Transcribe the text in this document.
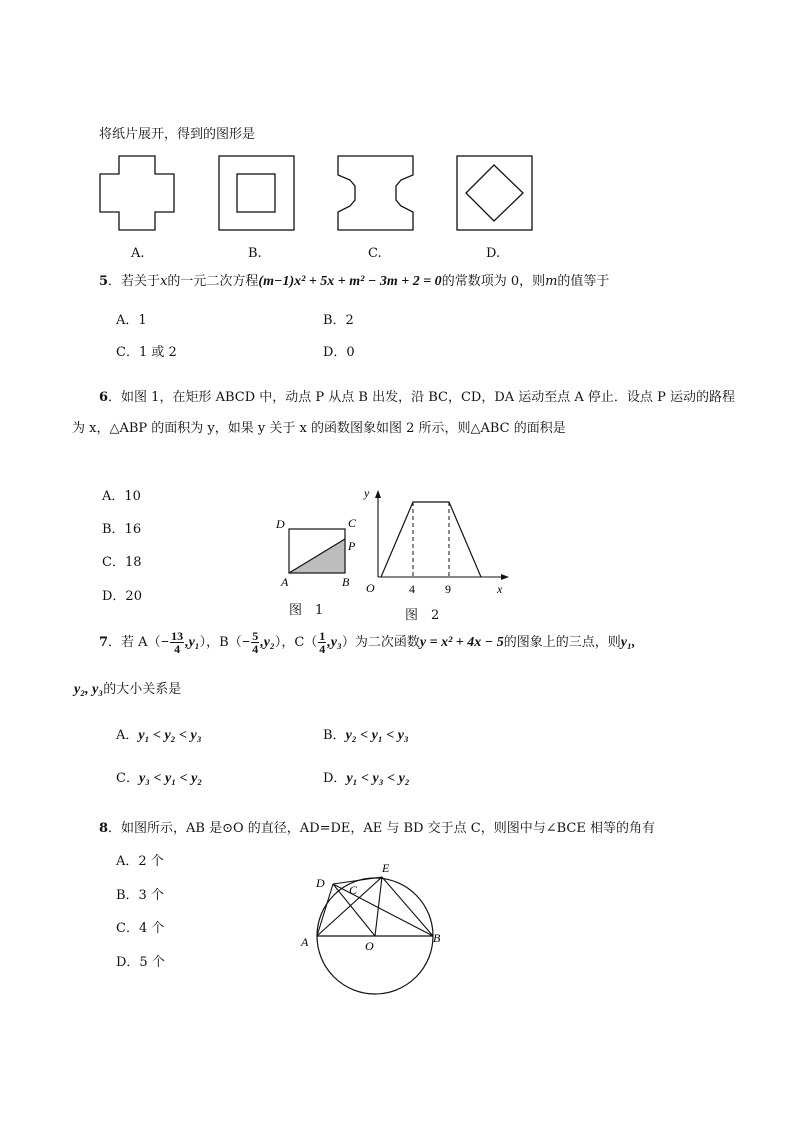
将纸片展开，得到的图形是
A.	B.	C.	D.
5．若关于x的一元二次方程(m−1)x² + 5x + m² − 3m + 2 = 0的常数项为 0，则m的值等于
A．1	B．2
C．1 或 2	D．0
6．如图 1，在矩形 ABCD 中，动点 P 从点 B 出发，沿 BC，CD，DA 运动至点 A 停止．设点 P 运动的路程
为 x，△ABP 的面积为 y，如果 y 关于 x 的函数图象如图 2 所示，则△ABC 的面积是
A．10
B．16
C．18
D．20
D	C
P
A	B
图　1
y
x
O	4	9
图　2
7．若 $A(- \frac{13}{4} ,y_1)$，$B(- \frac{5}{4} ,y_2)$，$C( \frac{1}{4} ,y_3)$为二次函数y = x² + 4x − 5的图象上的三点，则y₁,
y₂, y₃的大小关系是
A．y₁ < y₂ < y₃	B．y₂ < y₁ < y₃
C．y₃ < y₁ < y₂	D．y₁ < y₃ < y₂
8．如图所示，AB 是⊙O 的直径，AD=DE，AE 与 BD 交于点 C，则图中与∠BCE 相等的角有
A．2 个
B．3 个
C．4 个
D．5 个
D
E
C
A	O
B
